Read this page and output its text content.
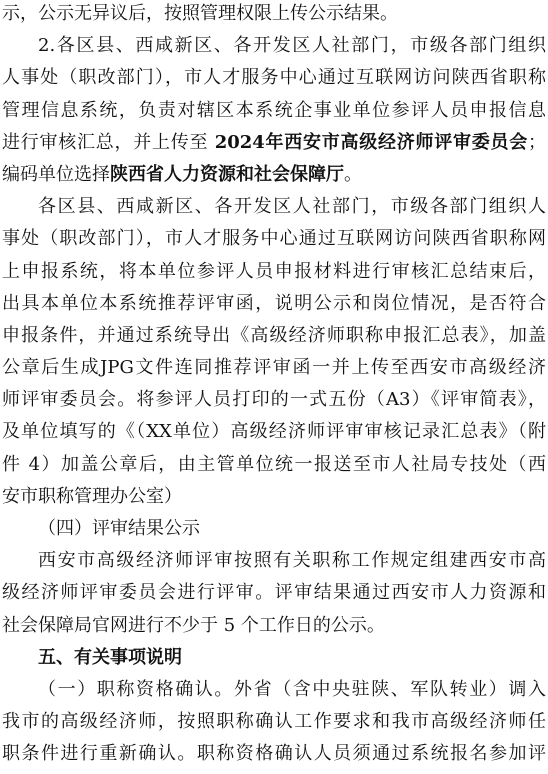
示，公示无异议后，按照管理权限上传公示结果。
2.各区县、西咸新区、各开发区人社部门，市级各部门组织
人事处（职改部门），市人才服务中心通过互联网访问陕西省职称
管理信息系统，负责对辖区本系统企事业单位参评人员申报信息
进行审核汇总，并上传至 2024年西安市高级经济师评审委员会；
编码单位选择陕西省人力资源和社会保障厅。
各区县、西咸新区、各开发区人社部门，市级各部门组织人
事处（职改部门），市人才服务中心通过互联网访问陕西省职称网
上申报系统，将本单位参评人员申报材料进行审核汇总结束后，
出具本单位本系统推荐评审函，说明公示和岗位情况，是否符合
申报条件，并通过系统导出《高级经济师职称申报汇总表》，加盖
公章后生成JPG文件连同推荐评审函一并上传至西安市高级经济
师评审委员会。将参评人员打印的一式五份（A3）《评审简表》，
及单位填写的《（XX单位）高级经济师评审审核记录汇总表》（附
件 4）加盖公章后，由主管单位统一报送至市人社局专技处（西
安市职称管理办公室）
（四）评审结果公示
西安市高级经济师评审按照有关职称工作规定组建西安市高
级经济师评审委员会进行评审。评审结果通过西安市人力资源和
社会保障局官网进行不少于 5 个工作日的公示。
五、有关事项说明
（一）职称资格确认。外省（含中央驻陕、军队转业）调入
我市的高级经济师，按照职称确认工作要求和我市高级经济师任
职条件进行重新确认。职称资格确认人员须通过系统报名参加评
